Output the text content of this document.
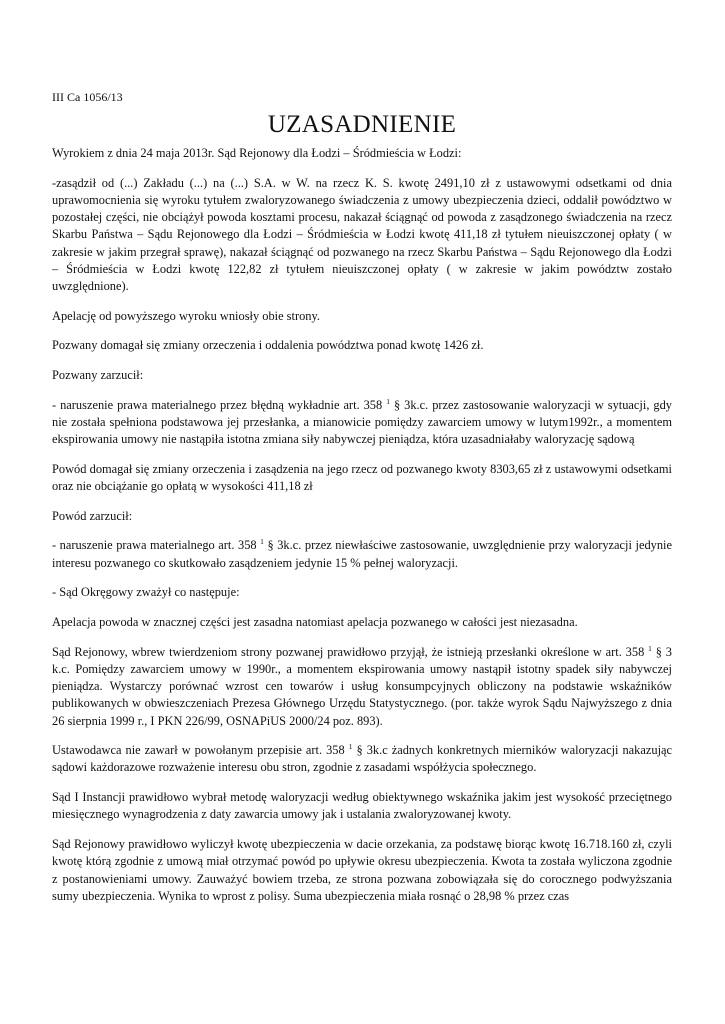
III Ca 1056/13
UZASADNIENIE

Wyrokiem z dnia 24 maja 2013r. Sąd Rejonowy dla Łodzi – Śródmieścia w Łodzi:

-zasądził od (...) Zakładu (...) na (...) S.A. w W. na rzecz K. S. kwotę 2491,10 zł z ustawowymi odsetkami od dnia uprawomocnienia się wyroku tytułem zwaloryzowanego świadczenia z umowy ubezpieczenia dzieci, oddalił powództwo w pozostałej części, nie obciążył powoda kosztami procesu, nakazał ściągnąć od powoda z zasądzonego świadczenia na rzecz Skarbu Państwa – Sądu Rejonowego dla Łodzi – Śródmieścia w Łodzi kwotę 411,18 zł tytułem nieuiszczonej opłaty ( w zakresie w jakim przegrał sprawę), nakazał ściągnąć od pozwanego na rzecz Skarbu Państwa – Sądu Rejonowego dla Łodzi – Śródmieścia w Łodzi kwotę 122,82 zł tytułem nieuiszczonej opłaty ( w zakresie w jakim powództw zostało uwzględnione).

Apelację od powyższego wyroku wniosły obie strony.

Pozwany domagał się zmiany orzeczenia i oddalenia powództwa ponad kwotę 1426 zł.

Pozwany zarzucił:

- naruszenie prawa materialnego przez błędną wykładnie art. 358 $^1$ § 3k.c. przez zastosowanie waloryzacji w sytuacji, gdy nie została spełniona podstawowa jej przesłanka, a mianowicie pomiędzy zawarciem umowy w lutym1992r., a momentem ekspirowania umowy nie nastąpiła istotna zmiana siły nabywczej pieniądza, która uzasadniałaby waloryzację sądową

Powód domagał się zmiany orzeczenia i zasądzenia na jego rzecz od pozwanego kwoty 8303,65 zł z ustawowymi odsetkami oraz nie obciążanie go opłatą w wysokości 411,18 zł

Powód zarzucił:

- naruszenie prawa materialnego art. 358 $^1$ § 3k.c. przez niewłaściwe zastosowanie, uwzględnienie przy waloryzacji jedynie interesu pozwanego co skutkowało zasądzeniem jedynie 15 % pełnej waloryzacji.

- Sąd Okręgowy zważył co następuje:

Apelacja powoda w znacznej części jest zasadna natomiast apelacja pozwanego w całości jest niezasadna.

Sąd Rejonowy, wbrew twierdzeniom strony pozwanej prawidłowo przyjął, że istnieją przesłanki określone w art. 358 $^1$ § 3 k.c. Pomiędzy zawarciem umowy w 1990r., a momentem ekspirowania umowy nastąpił istotny spadek siły nabywczej pieniądza. Wystarczy porównać wzrost cen towarów i usług konsumpcyjnych obliczony na podstawie wskaźników publikowanych w obwieszczeniach Prezesa Głównego Urzędu Statystycznego. (por. także wyrok Sądu Najwyższego z dnia 26 sierpnia 1999 r., I PKN 226/99, OSNAPiUS 2000/24 poz. 893).

Ustawodawca nie zawarł w powołanym przepisie art. 358 $^1$ § 3k.c żadnych konkretnych mierników waloryzacji nakazując sądowi każdorazowe rozważenie interesu obu stron, zgodnie z zasadami współżycia społecznego.

Sąd I Instancji prawidłowo wybrał metodę waloryzacji według obiektywnego wskaźnika jakim jest wysokość przeciętnego miesięcznego wynagrodzenia z daty zawarcia umowy jak i ustalania zwaloryzowanej kwoty.

Sąd Rejonowy prawidłowo wyliczył kwotę ubezpieczenia w dacie orzekania, za podstawę biorąc kwotę 16.718.160 zł, czyli kwotę którą zgodnie z umową miał otrzymać powód po upływie okresu ubezpieczenia. Kwota ta została wyliczona zgodnie z postanowieniami umowy. Zauważyć bowiem trzeba, ze strona pozwana zobowiązała się do corocznego podwyższania sumy ubezpieczenia. Wynika to wprost z polisy. Suma ubezpieczenia miała rosnąć o 28,98 % przez czas
